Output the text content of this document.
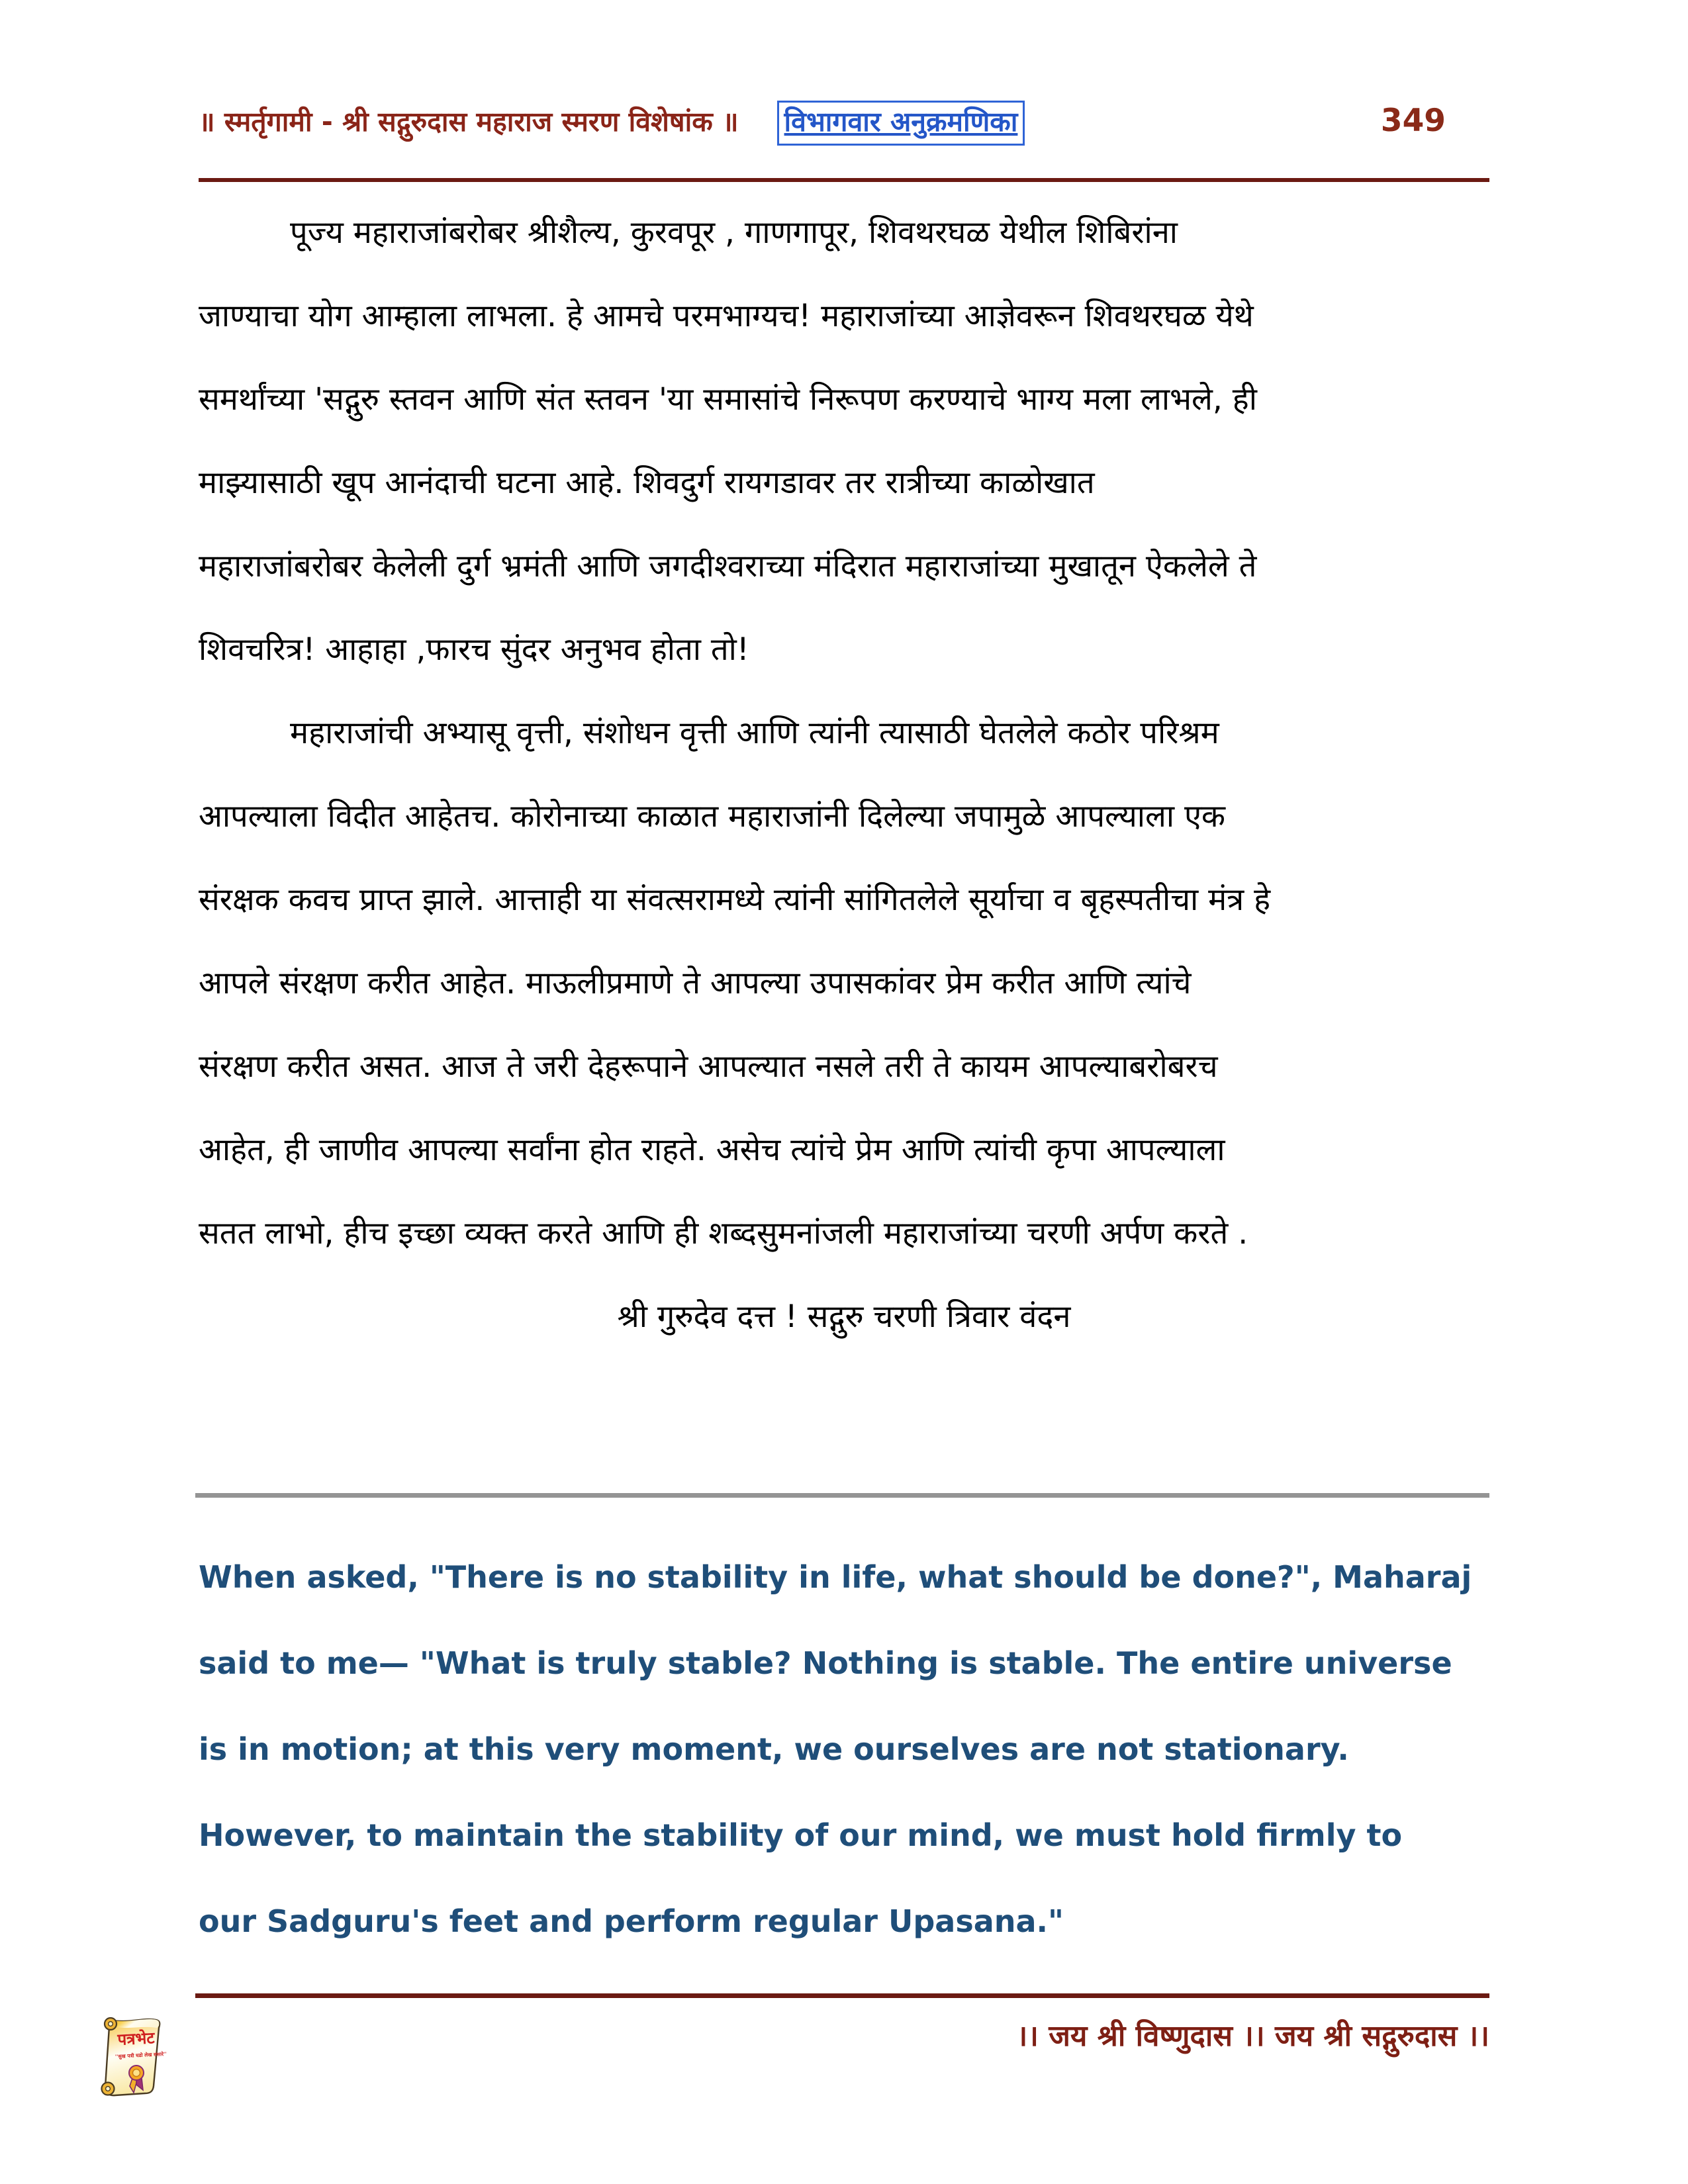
॥ स्मर्तृगामी - श्री सद्गुरुदास महाराज स्मरण विशेषांक ॥ विभागवार अनुक्रमणिका	349
पूज्य महाराजांबरोबर श्रीशैल्य, कुरवपूर , गाणगापूर, शिवथरघळ येथील शिबिरांना
जाण्याचा योग आम्हाला लाभला. हे आमचे परमभाग्यच! महाराजांच्या आज्ञेवरून शिवथरघळ येथे
समर्थांच्या 'सद्गुरु स्तवन आणि संत स्तवन 'या समासांचे निरूपण करण्याचे भाग्य मला लाभले, ही
माझ्यासाठी खूप आनंदाची घटना आहे. शिवदुर्ग रायगडावर तर रात्रीच्या काळोखात
महाराजांबरोबर केलेली दुर्ग भ्रमंती आणि जगदीश्वराच्या मंदिरात महाराजांच्या मुखातून ऐकलेले ते
शिवचरित्र! आहाहा ,फारच सुंदर अनुभव होता तो!
महाराजांची अभ्यासू वृत्ती, संशोधन वृत्ती आणि त्यांनी त्यासाठी घेतलेले कठोर परिश्रम
आपल्याला विदीत आहेतच. कोरोनाच्या काळात महाराजांनी दिलेल्या जपामुळे आपल्याला एक
संरक्षक कवच प्राप्त झाले. आत्ताही या संवत्सरामध्ये त्यांनी सांगितलेले सूर्याचा व बृहस्पतीचा मंत्र हे
आपले संरक्षण करीत आहेत. माऊलीप्रमाणे ते आपल्या उपासकांवर प्रेम करीत आणि त्यांचे
संरक्षण करीत असत. आज ते जरी देहरूपाने आपल्यात नसले तरी ते कायम आपल्याबरोबरच
आहेत, ही जाणीव आपल्या सर्वांना होत राहते. असेच त्यांचे प्रेम आणि त्यांची कृपा आपल्याला
सतत लाभो, हीच इच्छा व्यक्त करते आणि ही शब्दसुमनांजली महाराजांच्या चरणी अर्पण करते .
श्री गुरुदेव दत्त ! सद्गुरु चरणी त्रिवार वंदन
When asked, "There is no stability in life, what should be done?", Maharaj
said to me— "What is truly stable? Nothing is stable. The entire universe
is in motion; at this very moment, we ourselves are not stationary.
However, to maintain the stability of our mind, we must hold firmly to
our Sadguru's feet and perform regular Upasana."
।। जय श्री विष्णुदास ।। जय श्री सद्गुरुदास ।।
पत्रभेट
''सुख पत्री घडो लेख संसारे''
